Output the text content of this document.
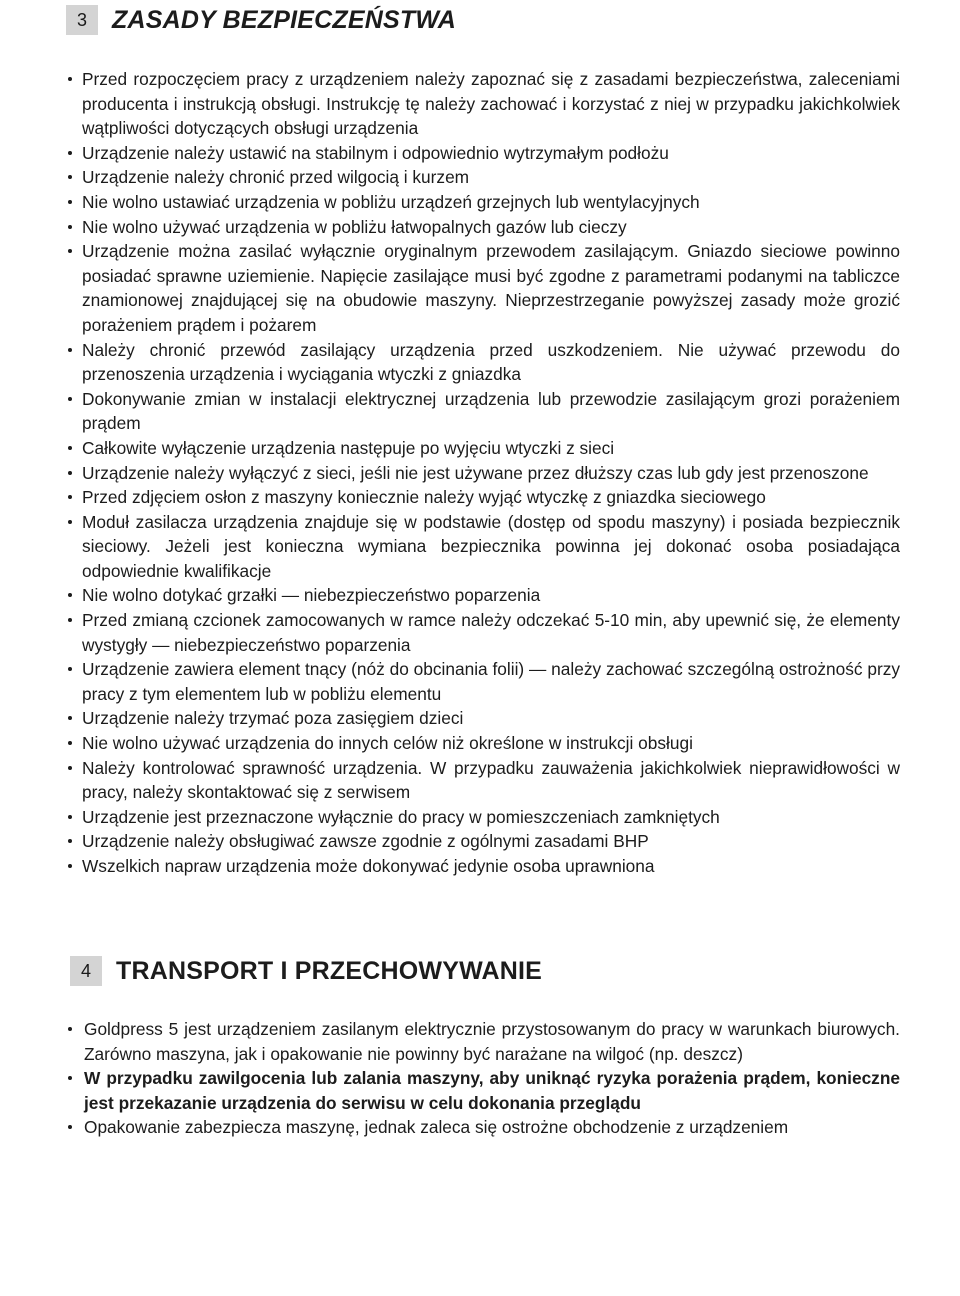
3	ZASADY BEZPIECZEŃSTWA
Przed rozpoczęciem pracy z urządzeniem należy zapoznać się z zasadami bezpieczeństwa, zaleceniami producenta i instrukcją obsługi. Instrukcję tę należy zachować i korzystać z niej w przypadku jakichkolwiek wątpliwości dotyczących obsługi urządzenia
Urządzenie należy ustawić na stabilnym i odpowiednio wytrzymałym podłożu
Urządzenie należy chronić przed wilgocią i kurzem
Nie wolno ustawiać urządzenia w pobliżu urządzeń grzejnych lub wentylacyjnych
Nie wolno używać urządzenia w pobliżu łatwopalnych gazów lub cieczy
Urządzenie można zasilać wyłącznie oryginalnym przewodem zasilającym. Gniazdo sieciowe powinno posiadać sprawne uziemienie. Napięcie zasilające musi być zgodne z parametrami podanymi na tabliczce znamionowej znajdującej się na obudowie maszyny. Nieprzestrzeganie powyższej zasady może grozić porażeniem prądem i pożarem
Należy chronić przewód zasilający urządzenia przed uszkodzeniem. Nie używać przewodu do przenoszenia urządzenia i wyciągania wtyczki z gniazdka
Dokonywanie zmian w instalacji elektrycznej urządzenia lub przewodzie zasilającym grozi porażeniem prądem
Całkowite wyłączenie urządzenia następuje po wyjęciu wtyczki z sieci
Urządzenie należy wyłączyć z sieci, jeśli nie jest używane przez dłuższy czas lub gdy jest przenoszone
Przed zdjęciem osłon z maszyny koniecznie należy wyjąć wtyczkę z gniazdka sieciowego
Moduł zasilacza urządzenia znajduje się w podstawie (dostęp od spodu maszyny) i posiada bezpiecznik sieciowy. Jeżeli jest konieczna wymiana bezpiecznika powinna jej dokonać osoba posiadająca odpowiednie kwalifikacje
Nie wolno dotykać grzałki — niebezpieczeństwo poparzenia
Przed zmianą czcionek zamocowanych w ramce należy odczekać 5-10 min, aby upewnić się, że elementy wystygły — niebezpieczeństwo poparzenia
Urządzenie zawiera element tnący (nóż do obcinania folii) — należy zachować szczególną ostrożność przy pracy z tym elementem lub w pobliżu elementu
Urządzenie należy trzymać poza zasięgiem dzieci
Nie wolno używać urządzenia do innych celów niż określone w instrukcji obsługi
Należy kontrolować sprawność urządzenia. W przypadku zauważenia jakichkolwiek nieprawidłowości w pracy, należy skontaktować się z serwisem
Urządzenie jest przeznaczone wyłącznie do pracy w pomieszczeniach zamkniętych
Urządzenie należy obsługiwać zawsze zgodnie z ogólnymi zasadami BHP
Wszelkich napraw urządzenia może dokonywać jedynie osoba uprawniona
4	TRANSPORT I PRZECHOWYWANIE
Goldpress 5 jest urządzeniem zasilanym elektrycznie przystosowanym do pracy w warunkach biurowych. Zarówno maszyna, jak i opakowanie nie powinny być narażane na wilgoć (np. deszcz)
W przypadku zawilgocenia lub zalania maszyny, aby uniknąć ryzyka porażenia prądem, konieczne jest przekazanie urządzenia do serwisu w celu dokonania przeglądu
Opakowanie zabezpiecza maszynę, jednak zaleca się ostrożne obchodzenie z urządzeniem
